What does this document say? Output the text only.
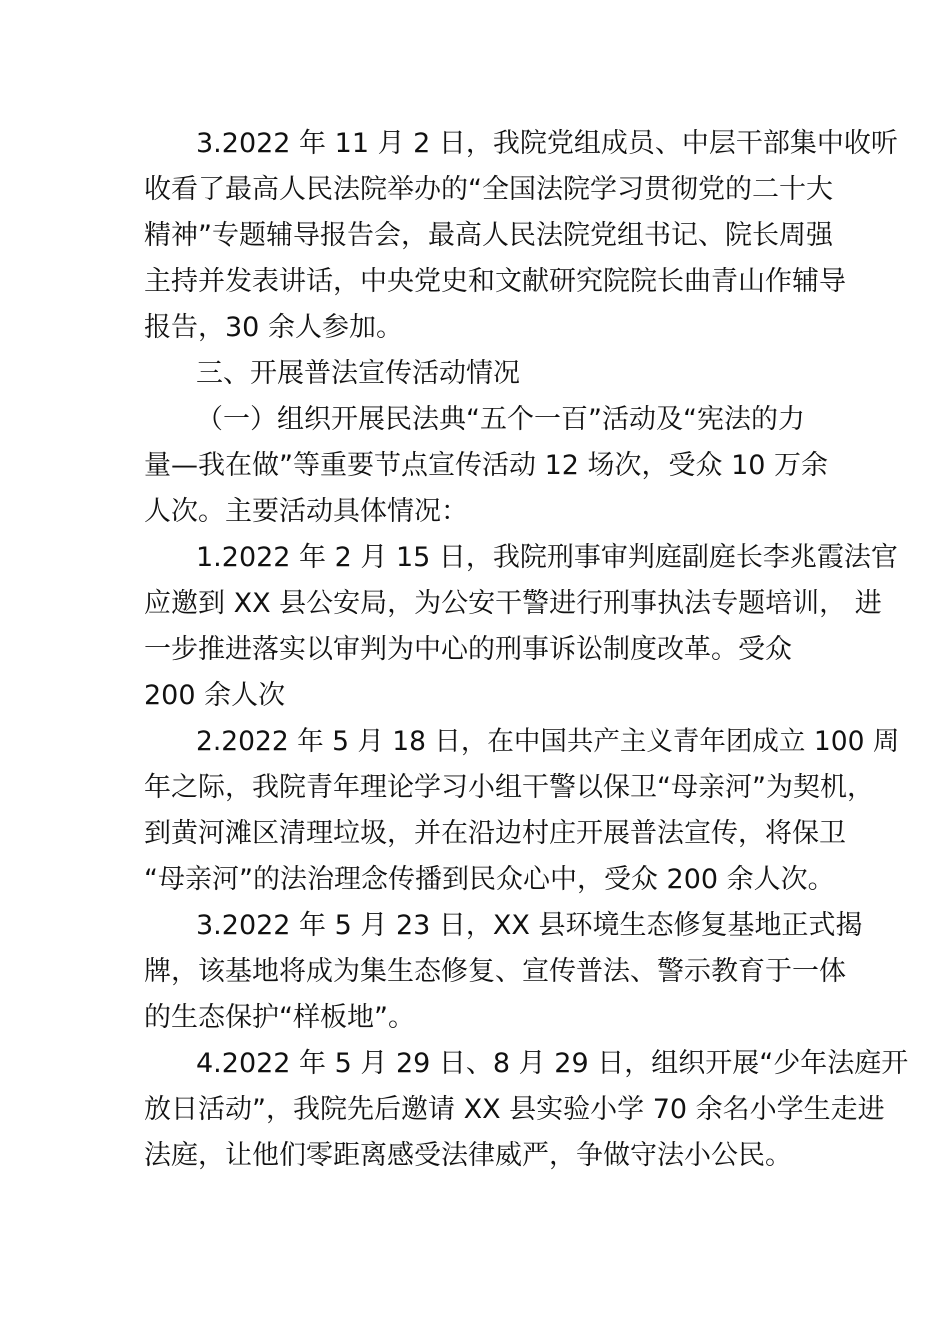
3.2022 年 11 月 2 日，我院党组成员、中层干部集中收听
收看了最高人民法院举办的“全国法院学习贯彻党的二十大
精神”专题辅导报告会，最高人民法院党组书记、院长周强
主持并发表讲话，中央党史和文献研究院院长曲青山作辅导
报告，30 余人参加。
三、开展普法宣传活动情况
（一）组织开展民法典“五个一百”活动及“宪法的力
量—我在做”等重要节点宣传活动 12 场次，受众 10 万余
人次。主要活动具体情况：
1.2022 年 2 月 15 日，我院刑事审判庭副庭长李兆霞法官
应邀到 XX 县公安局，为公安干警进行刑事执法专题培训， 进
一步推进落实以审判为中心的刑事诉讼制度改革。受众
200 余人次
2.2022 年 5 月 18 日，在中国共产主义青年团成立 100 周
年之际，我院青年理论学习小组干警以保卫“母亲河”为契机，
到黄河滩区清理垃圾，并在沿边村庄开展普法宣传，将保卫
“母亲河”的法治理念传播到民众心中，受众 200 余人次。
3.2022 年 5 月 23 日，XX 县环境生态修复基地正式揭
牌，该基地将成为集生态修复、宣传普法、警示教育于一体
的生态保护“样板地”。
4.2022 年 5 月 29 日、8 月 29 日，组织开展“少年法庭开
放日活动”，我院先后邀请 XX 县实验小学 70 余名小学生走进
法庭，让他们零距离感受法律威严，争做守法小公民。
